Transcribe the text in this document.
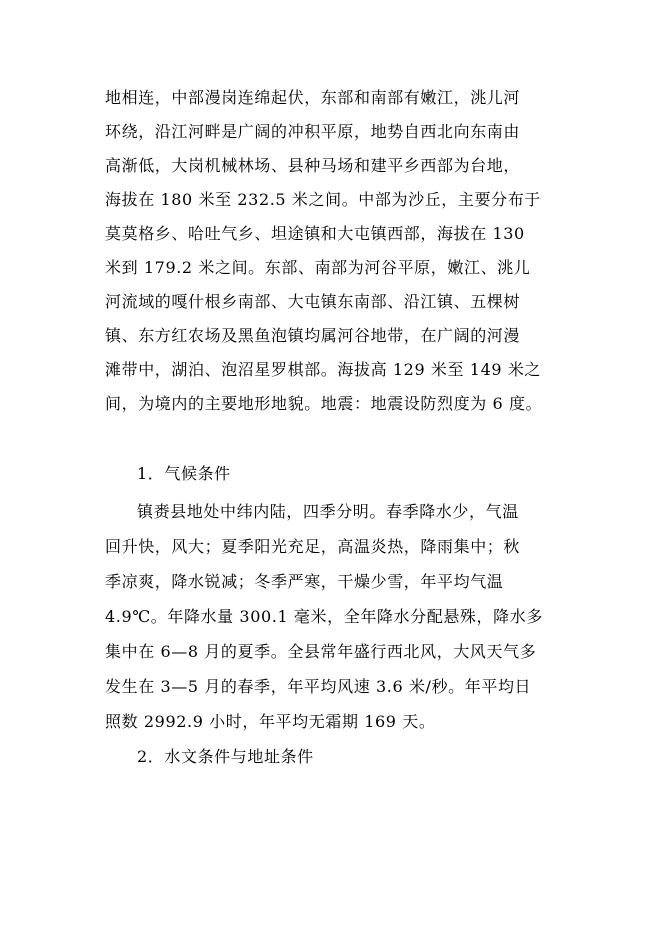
地相连，中部漫岗连绵起伏，东部和南部有嫩江，洮儿河
环绕，沿江河畔是广阔的冲积平原，地势自西北向东南由
高渐低，大岗机械林场、县种马场和建平乡西部为台地，
海拔在 180 米至 232.5 米之间。中部为沙丘，主要分布于
莫莫格乡、哈吐气乡、坦途镇和大屯镇西部，海拔在 130
米到 179.2 米之间。东部、南部为河谷平原，嫩江、洮儿
河流域的嘎什根乡南部、大屯镇东南部、沿江镇、五棵树
镇、东方红农场及黑鱼泡镇均属河谷地带，在广阔的河漫
滩带中，湖泊、泡沼星罗棋部。海拔高 129 米至 149 米之
间，为境内的主要地形地貌。地震：地震设防烈度为 6 度。
1．气候条件
镇赉县地处中纬内陆，四季分明。春季降水少，气温
回升快，风大；夏季阳光充足，高温炎热，降雨集中；秋
季凉爽，降水锐减；冬季严寒，干燥少雪，年平均气温
4.9℃。年降水量 300.1 毫米，全年降水分配悬殊，降水多
集中在 6—8 月的夏季。全县常年盛行西北风，大风天气多
发生在 3—5 月的春季，年平均风速 3.6 米/秒。年平均日
照数 2992.9 小时，年平均无霜期 169 天。
2．水文条件与地址条件
